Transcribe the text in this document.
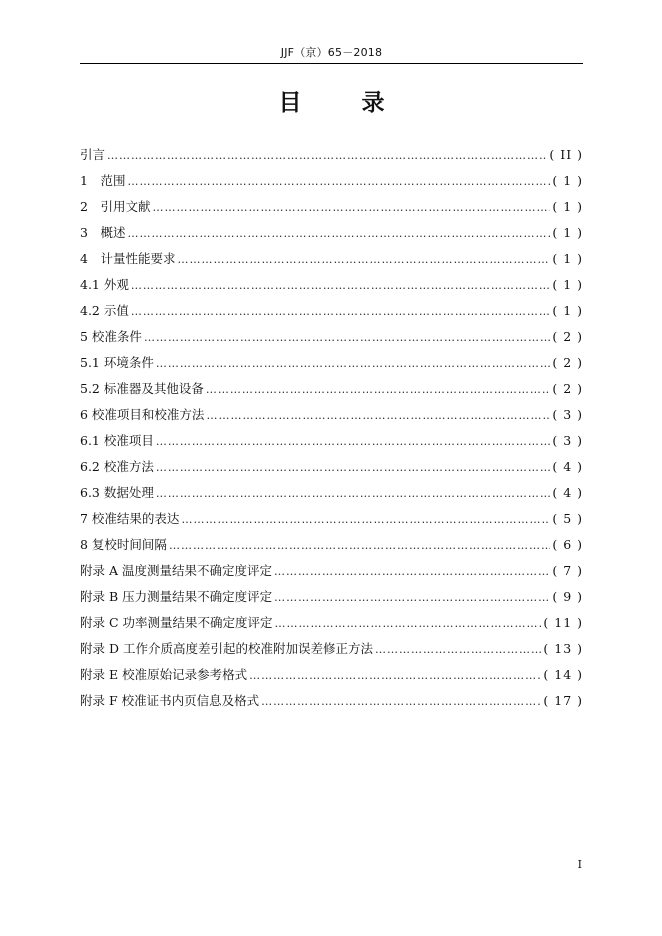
JJF（京）65－2018
目 录
引言 ……………………………………………………………………………………………………………………………………………………………………………………	( II )
1　范围 ……………………………………………………………………………………………………………………………………………………………………………………	( 1 )
2　引用文献 ……………………………………………………………………………………………………………………………………………………………………………………	( 1 )
3　概述 ……………………………………………………………………………………………………………………………………………………………………………………	( 1 )
4　计量性能要求 ……………………………………………………………………………………………………………………………………………………………………………………	( 1 )
4.1 外观 ……………………………………………………………………………………………………………………………………………………………………………………	( 1 )
4.2 示值 ……………………………………………………………………………………………………………………………………………………………………………………	( 1 )
5 校准条件 ……………………………………………………………………………………………………………………………………………………………………………………	( 2 )
5.1 环境条件 ……………………………………………………………………………………………………………………………………………………………………………………	( 2 )
5.2 标准器及其他设备 ……………………………………………………………………………………………………………………………………………………………………………………	( 2 )
6 校准项目和校准方法 ……………………………………………………………………………………………………………………………………………………………………………………	( 3 )
6.1 校准项目 ……………………………………………………………………………………………………………………………………………………………………………………	( 3 )
6.2 校准方法 ……………………………………………………………………………………………………………………………………………………………………………………	( 4 )
6.3 数据处理 ……………………………………………………………………………………………………………………………………………………………………………………	( 4 )
7 校准结果的表达 ……………………………………………………………………………………………………………………………………………………………………………………	( 5 )
8 复校时间间隔 ……………………………………………………………………………………………………………………………………………………………………………………	( 6 )
附录 A 温度测量结果不确定度评定 ……………………………………………………………………………………………………………………………………………………………………………………	( 7 )
附录 B 压力测量结果不确定度评定 ……………………………………………………………………………………………………………………………………………………………………………………	( 9 )
附录 C 功率测量结果不确定度评定 ……………………………………………………………………………………………………………………………………………………………………………………	( 11 )
附录 D 工作介质高度差引起的校准附加误差修正方法 ……………………………………………………………………………………………………………………………………………………………………………………	( 13 )
附录 E 校准原始记录参考格式 ……………………………………………………………………………………………………………………………………………………………………………………	( 14 )
附录 F 校准证书内页信息及格式 ……………………………………………………………………………………………………………………………………………………………………………………	( 17 )
I
